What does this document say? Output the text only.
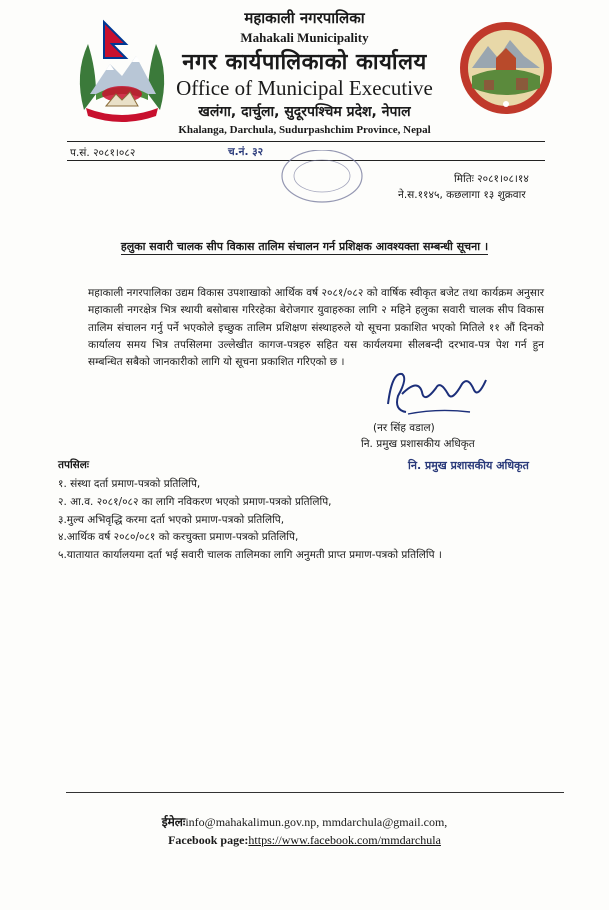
महाकाली नगरपालिका
Mahakali Municipality
नगर कार्यपालिकाको कार्यालय
Office of Municipal Executive
खलंगा, दार्चुला, सुदूरपश्चिम प्रदेश, नेपाल
Khalanga, Darchula, Sudurpashchim Province, Nepal
प.सं. २०८१।०८२	च.नं. ३२
मितिः २०८१।०८।१४
ने.स.११४५, कछलागा १३ शुक्रवार
हलुका सवारी चालक सीप विकास तालिम संचालन गर्न प्रशिक्षक आवश्यक्ता सम्बन्धी सूचना ।
महाकाली नगरपालिका उद्यम विकास उपशाखाको आर्थिक वर्ष २०८१/०८२ को वार्षिक स्वीकृत बजेट तथा कार्यक्रम अनुसार महाकाली नगरक्षेत्र भित्र स्थायी बसोबास गरिरहेका बेरोजगार युवाहरुका लागि २ महिने हलुका सवारी चालक सीप विकास तालिम संचालन गर्नु पर्ने भएकोले इच्छुक तालिम प्रशिक्षण संस्थाहरुले यो सूचना प्रकाशित भएको मितिले ११ औं दिनको कार्यालय समय भित्र तपसिलमा उल्लेखीत कागज-पत्रहरु सहित यस कार्यलयमा सीलबन्दी दरभाव-पत्र पेश गर्न हुन सम्बन्धित सबैको जानकारीको लागि यो सूचना प्रकाशित गरिएको छ ।
(नर सिंह वडाल)
नि. प्रमुख प्रशासकीय अधिकृत
नि. प्रमुख प्रशासकीय अधिकृत
तपसिलः
१. संस्था दर्ता प्रमाण-पत्रको प्रतिलिपि,
२. आ.व. २०८१/०८२ का लागि नविकरण भएको प्रमाण-पत्रको प्रतिलिपि,
३.मुल्य अभिवृद्धि करमा दर्ता भएको प्रमाण-पत्रको प्रतिलिपि,
४.आर्थिक वर्ष २०८०/०८१ को करचुक्ता प्रमाण-पत्रको प्रतिलिपि,
५.यातायात कार्यालयमा दर्ता भई सवारी चालक तालिमका लागि अनुमती प्राप्त प्रमाण-पत्रको प्रतिलिपि ।
ईमेलःinfo@mahakalimun.gov.np, mmdarchula@gmail.com,
Facebook page:https://www.facebook.com/mmdarchula
